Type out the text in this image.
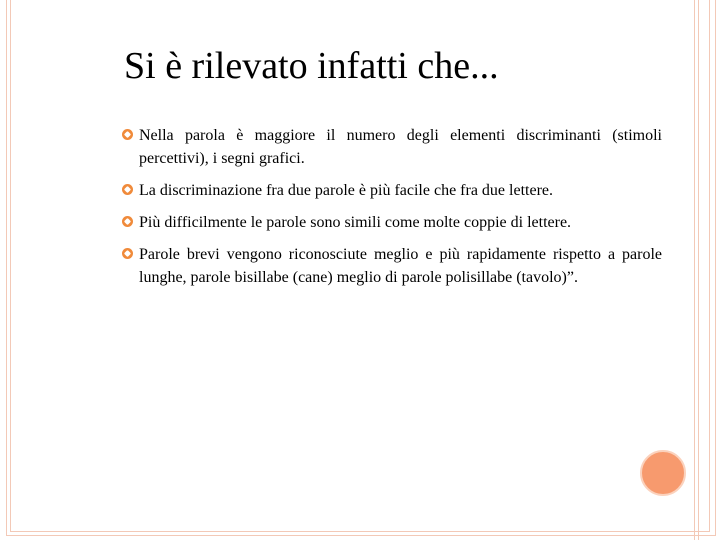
Si è rilevato infatti che...
Nella parola è maggiore il numero degli elementi discriminanti (stimoli percettivi), i segni grafici.
La discriminazione fra due parole è più facile che fra due lettere.
Più difficilmente le parole sono simili come molte coppie di lettere.
Parole brevi vengono riconosciute meglio e più rapidamente rispetto a parole lunghe, parole bisillabe (cane) meglio di parole polisillabe (tavolo)”.
